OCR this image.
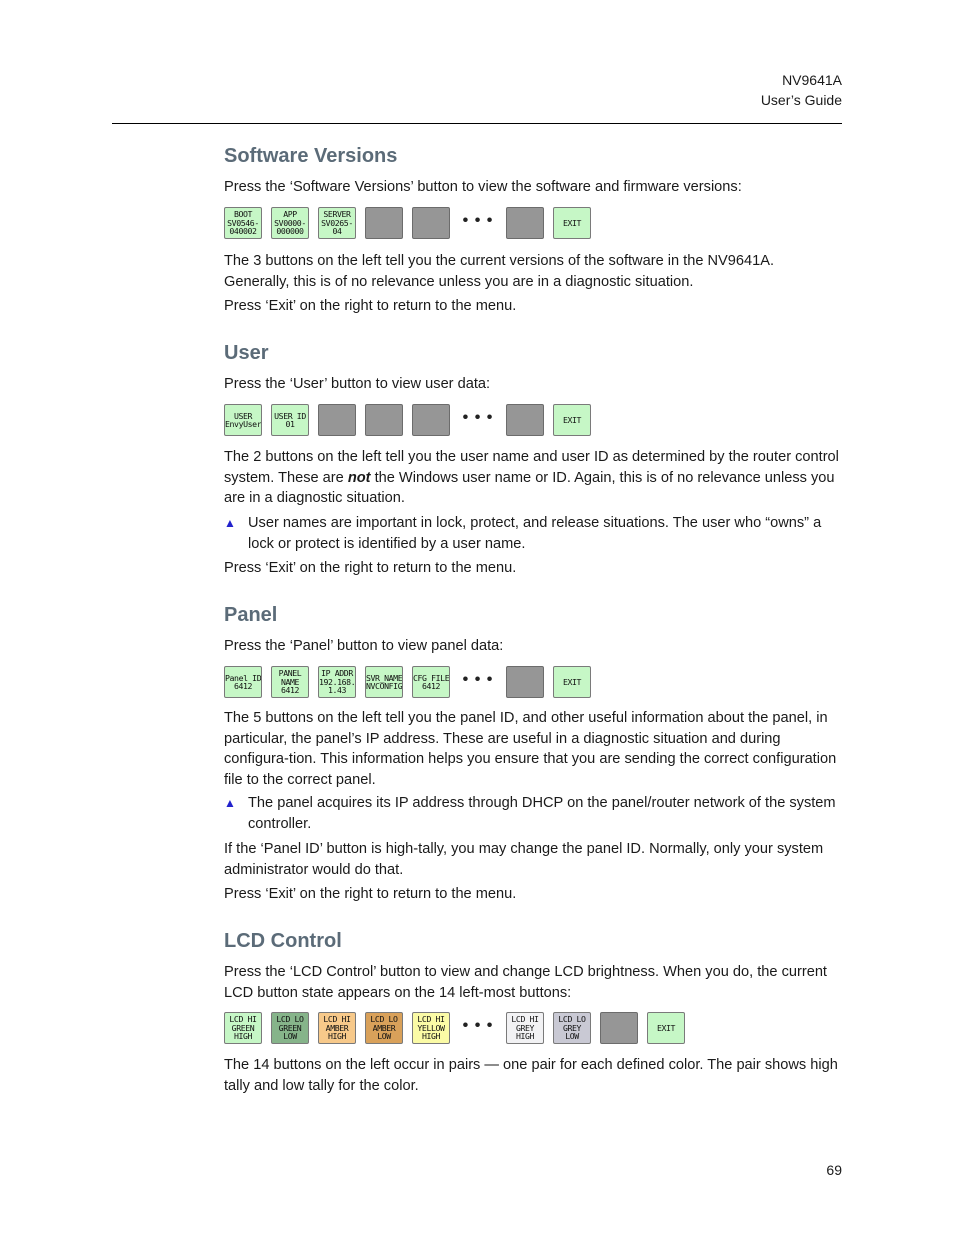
NV9641A
User’s Guide
Software Versions

Press the ‘Software Versions’ button to view the software and firmware versions:

BOOT
SV0546-
040002
APP
SV0000-
000000
SERVER
SV0265-
04
• • •	EXIT

The 3 buttons on the left tell you the current versions of the software in the NV9641A. Generally, this is of no relevance unless you are in a diagnostic situation.

Press ‘Exit’ on the right to return to the menu.

User

Press the ‘User’ button to view user data:

USER
EnvyUser
USER ID
01	• • •	EXIT

The 2 buttons on the left tell you the user name and user ID as determined by the router control system. These are not the Windows user name or ID. Again, this is of no relevance unless you are in a diagnostic situation.

▲ User names are important in lock, protect, and release situations. The user who “owns” a lock or protect is identified by a user name.

Press ‘Exit’ on the right to return to the menu.

Panel

Press the ‘Panel’ button to view panel data:

Panel ID
6412
PANEL
NAME
6412
IP ADDR
192.168.
1.43
SVR_NAME
NVCONFIG
CFG FILE
6412	• • •	EXIT

The 5 buttons on the left tell you the panel ID, and other useful information about the panel, in particular, the panel’s IP address. These are useful in a diagnostic situation and during configura-tion. This information helps you ensure that you are sending the correct configuration file to the correct panel.

▲ The panel acquires its IP address through DHCP on the panel/router network of the system controller.

If the ‘Panel ID’ button is high-tally, you may change the panel ID. Normally, only your system administrator would do that.

Press ‘Exit’ on the right to return to the menu.

LCD Control

Press the ‘LCD Control’ button to view and change LCD brightness. When you do, the current LCD button state appears on the 14 left-most buttons:

LCD HI
GREEN
HIGH
LCD LO
GREEN
LOW
LCD HI
AMBER
HIGH
LCD LO
AMBER
LOW
LCD HI
YELLOW
HIGH
• • •	LCD HI
GREY
HIGH
LCD LO
GREY
LOW
EXIT

The 14 buttons on the left occur in pairs — one pair for each defined color. The pair shows high tally and low tally for the color.

69
